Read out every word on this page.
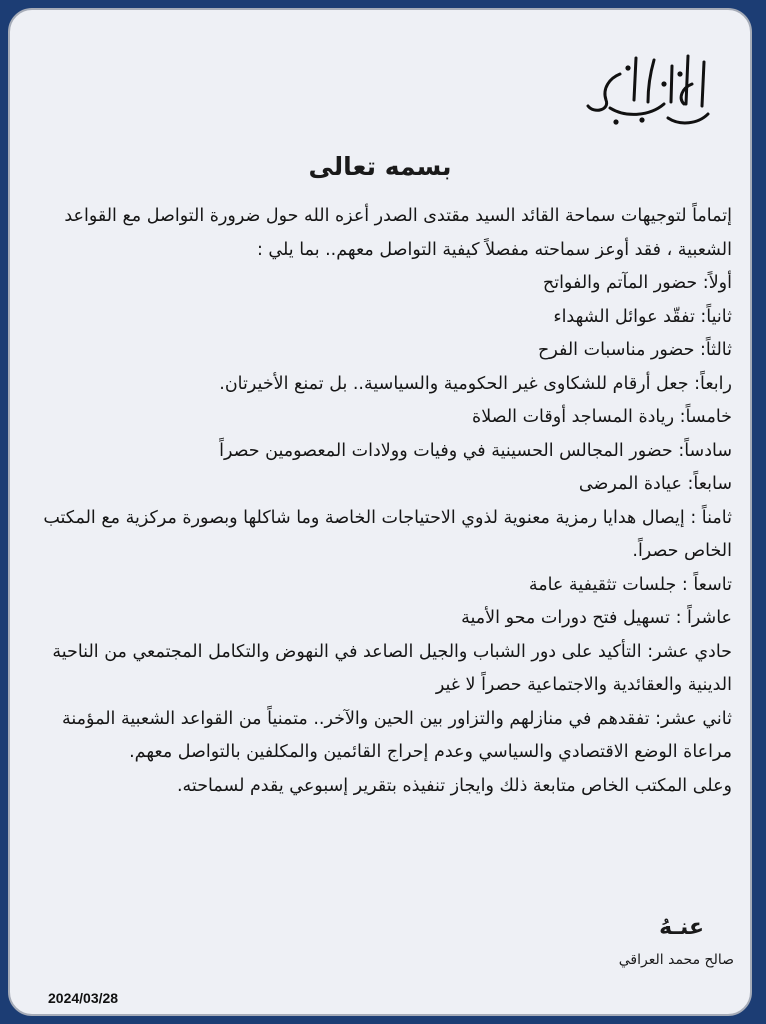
وزير القائد
بسمه تعالى

إتماماً لتوجيهات سماحة القائد السيد مقتدى الصدر أعزه الله حول ضرورة التواصل مع القواعد الشعبية ، فقد أوعز سماحته مفصلاً كيفية التواصل معهم.. بما يلي :

أولاً: حضور المآتم والفواتح

ثانياً: تفقّد عوائل الشهداء

ثالثاً: حضور مناسبات الفرح

رابعاً: جعل أرقام للشكاوى غير الحكومية والسياسية.. بل تمنع الأخيرتان.

خامساً: ريادة المساجد أوقات الصلاة

سادساً: حضور المجالس الحسينية في وفيات وولادات المعصومين حصراً

سابعاً: عيادة المرضى

ثامناً : إيصال هدايا رمزية معنوية لذوي الاحتياجات الخاصة وما شاكلها وبصورة مركزية مع المكتب الخاص حصراً.

تاسعاً : جلسات تثقيفية عامة

عاشراً : تسهيل فتح دورات محو الأمية

حادي عشر: التأكيد على دور الشباب والجيل الصاعد في النهوض والتكامل المجتمعي من الناحية الدينية والعقائدية والاجتماعية حصراً لا غير

ثاني عشر: تفقدهم في منازلهم والتزاور بين الحين والآخر.. متمنياً من القواعد الشعبية المؤمنة مراعاة الوضع الاقتصادي والسياسي وعدم إحراج القائمين والمكلفين بالتواصل معهم.

وعلى المكتب الخاص متابعة ذلك وايجاز تنفيذه بتقرير إسبوعي يقدم لسماحته.

عنـهُ
صالح محمد العراقي
2024/03/28
